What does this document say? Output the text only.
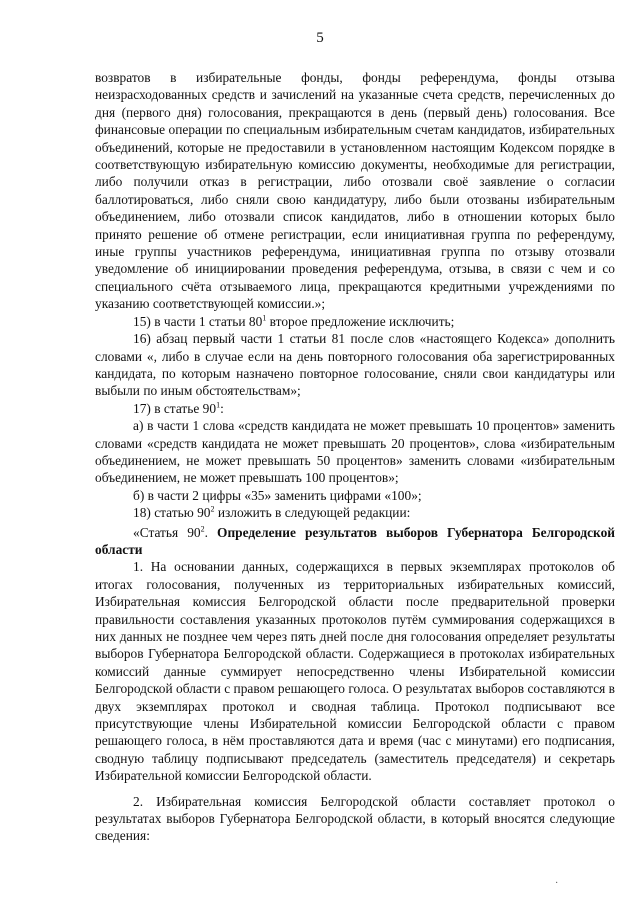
5

возвратов в избирательные фонды, фонды референдума, фонды отзыва неизрасходованных средств и зачислений на указанные счета средств, перечисленных до дня (первого дня) голосования, прекращаются в день (первый день) голосования. Все финансовые операции по специальным избирательным счетам кандидатов, избирательных объединений, которые не предоставили в установленном настоящим Кодексом порядке в соответствующую избирательную комиссию документы, необходимые для регистрации, либо получили отказ в регистрации, либо отозвали своё заявление о согласии баллотироваться, либо сняли свою кандидатуру, либо были отозваны избирательным объединением, либо отозвали список кандидатов, либо в отношении которых было принято решение об отмене регистрации, если инициативная группа по референдуму, иные группы участников референдума, инициативная группа по отзыву отозвали уведомление об инициировании проведения референдума, отзыва, в связи с чем и со специального счёта отзываемого лица, прекращаются кредитными учреждениями по указанию соответствующей комиссии.»;

15) в части 1 статьи $80^1$ второе предложение исключить;

16) абзац первый части 1 статьи 81 после слов «настоящего Кодекса» дополнить словами «, либо в случае если на день повторного голосования оба зарегистрированных кандидата, по которым назначено повторное голосование, сняли свои кандидатуры или выбыли по иным обстоятельствам»;

17) в статье $90^1$:

а) в части 1 слова «средств кандидата не может превышать 10 процентов» заменить словами «средств кандидата не может превышать 20 процентов», слова «избирательным объединением, не может превышать 50 процентов» заменить словами «избирательным объединением, не может превышать 100 процентов»;

б) в части 2 цифры «35» заменить цифрами «100»;

18) статью $90^2$ изложить в следующей редакции:

«Статья $90^2$. Определение результатов выборов Губернатора Белгородской области

1. На основании данных, содержащихся в первых экземплярах протоколов об итогах голосования, полученных из территориальных избирательных комиссий, Избирательная комиссия Белгородской области после предварительной проверки правильности составления указанных протоколов путём суммирования содержащихся в них данных не позднее чем через пять дней после дня голосования определяет результаты выборов Губернатора Белгородской области. Содержащиеся в протоколах избирательных комиссий данные суммирует непосредственно члены Избирательной комиссии Белгородской области с правом решающего голоса. О результатах выборов составляются в двух экземплярах протокол и сводная таблица. Протокол подписывают все присутствующие члены Избирательной комиссии Белгородской области с правом решающего голоса, в нём проставляются дата и время (час с минутами) его подписания, сводную таблицу подписывают председатель (заместитель председателя) и секретарь Избирательной комиссии Белгородской области.

2. Избирательная комиссия Белгородской области составляет протокол о результатах выборов Губернатора Белгородской области, в который вносятся следующие сведения:

·
